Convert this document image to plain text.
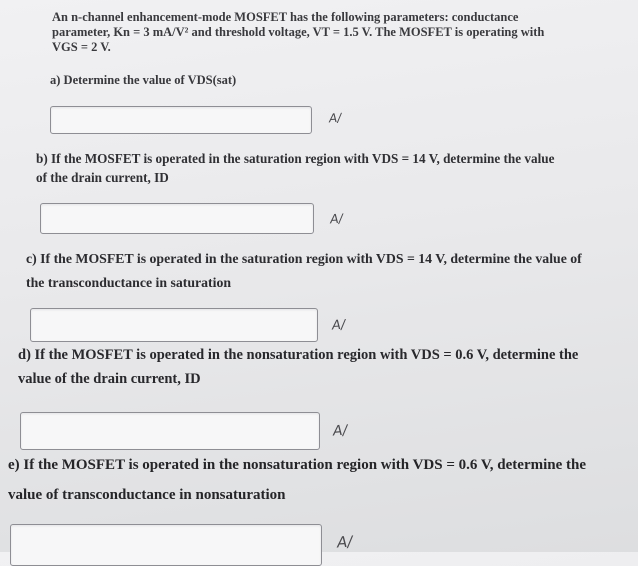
An n-channel enhancement-mode MOSFET has the following parameters: conductance
parameter, Kn = 3 mA/V² and threshold voltage, VT = 1.5 V. The MOSFET is operating with
VGS = 2 V.
a) Determine the value of VDS(sat)
A/
b) If the MOSFET is operated in the saturation region with VDS = 14 V, determine the value
of the drain current, ID
A/
c) If the MOSFET is operated in the saturation region with VDS = 14 V, determine the value of
the transconductance in saturation
A/
d) If the MOSFET is operated in the nonsaturation region with VDS = 0.6 V, determine the
value of the drain current, ID
A/
e) If the MOSFET is operated in the nonsaturation region with VDS = 0.6 V, determine the
value of transconductance in nonsaturation
A/
